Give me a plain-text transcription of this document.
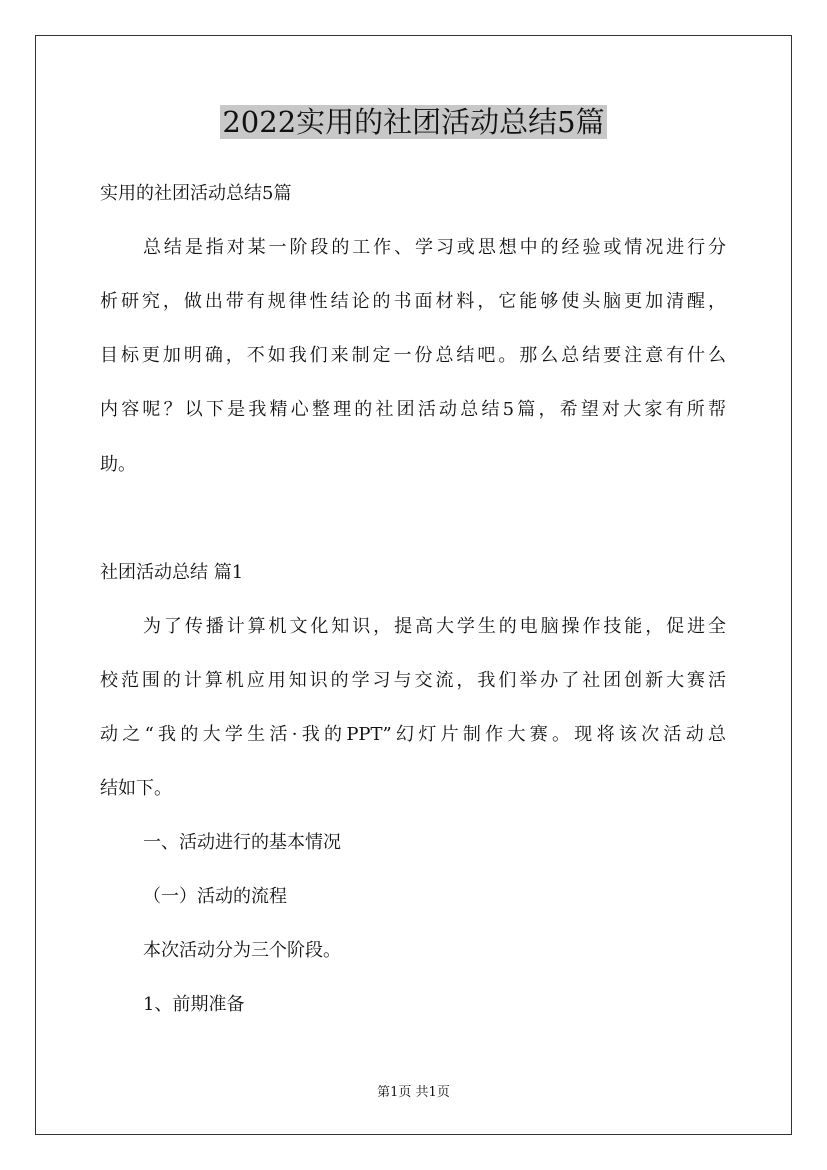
2022实用的社团活动总结5篇
实用的社团活动总结5篇
总结是指对某一阶段的工作、学习或思想中的经验或情况进行分
析研究，做出带有规律性结论的书面材料，它能够使头脑更加清醒，
目标更加明确，不如我们来制定一份总结吧。那么总结要注意有什么
内容呢？以下是我精心整理的社团活动总结5篇，希望对大家有所帮
助。
社团活动总结 篇1
为了传播计算机文化知识，提高大学生的电脑操作技能，促进全
校范围的计算机应用知识的学习与交流，我们举办了社团创新大赛活
动之“我的大学生活·我的PPT”幻灯片制作大赛。现将该次活动总
结如下。
一、活动进行的基本情况
（一）活动的流程
本次活动分为三个阶段。
1、前期准备
第1页 共1页
